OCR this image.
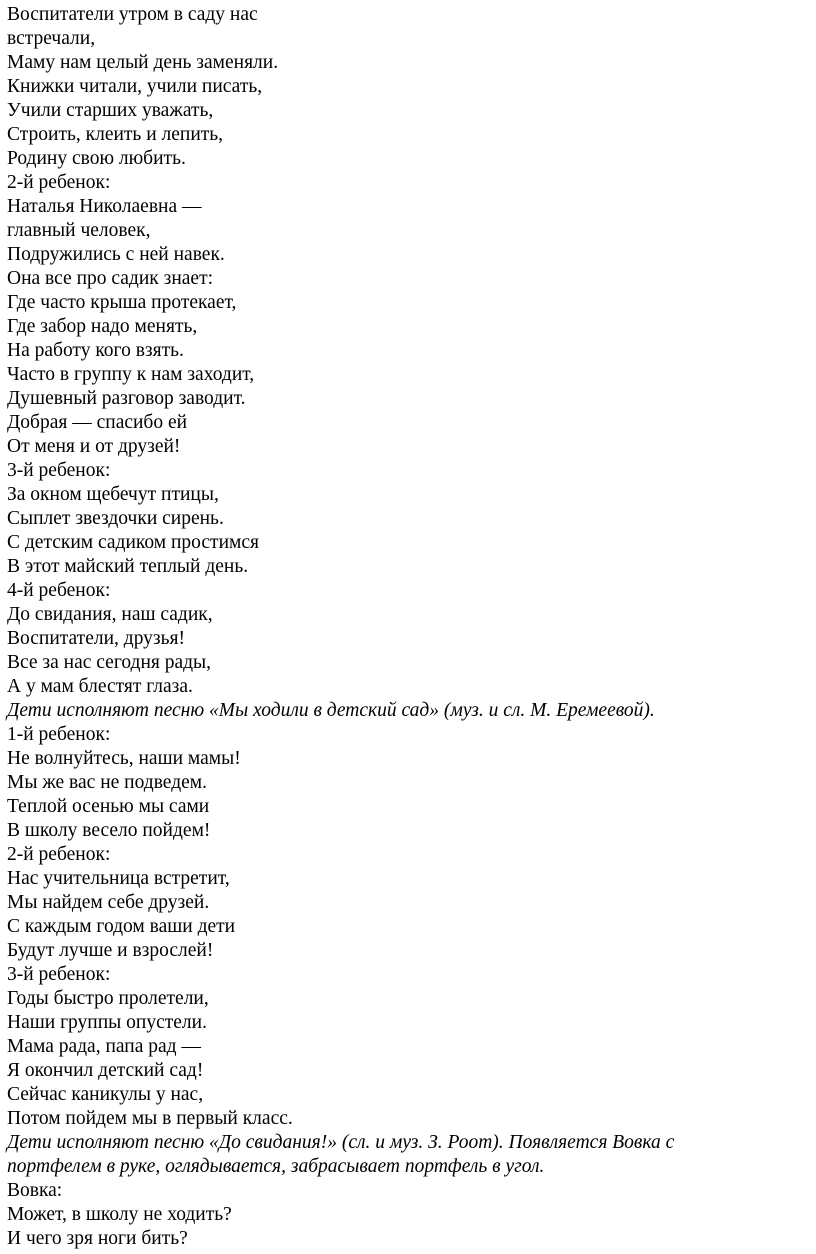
Воспитатели утром в саду нас
встречали,
Маму нам целый день заменяли.
Книжки читали, учили писать,
Учили старших уважать,
Строить, клеить и лепить,
Родину свою любить.
2-й ребенок:
Наталья Николаевна —
главный человек,
Подружились с ней навек.
Она все про садик знает:
Где часто крыша протекает,
Где забор надо менять,
На работу кого взять.
Часто в группу к нам заходит,
Душевный разговор заводит.
Добрая — спасибо ей
От меня и от друзей!
3-й ребенок:
За окном щебечут птицы,
Сыплет звездочки сирень.
С детским садиком простимся
В этот майский теплый день.
4-й ребенок:
До свидания, наш садик,
Воспитатели, друзья!
Все за нас сегодня рады,
А у мам блестят глаза.
Дети исполняют песню «Мы ходили в детский сад» (муз. и сл. М. Еремеевой).
1-й ребенок:
Не волнуйтесь, наши мамы!
Мы же вас не подведем.
Теплой осенью мы сами
В школу весело пойдем!
2-й ребенок:
Нас учительница встретит,
Мы найдем себе друзей.
С каждым годом ваши дети
Будут лучше и взрослей!
3-й ребенок:
Годы быстро пролетели,
Наши группы опустели.
Мама рада, папа рад —
Я окончил детский сад!
Сейчас каникулы у нас,
Потом пойдем мы в первый класс.
Дети исполняют песню «До свидания!» (сл. и муз. З. Роот). Появляется Вовка с
портфелем в руке, оглядывается, забрасывает портфель в угол.
Вовка:
Может, в школу не ходить?
И чего зря ноги бить?
